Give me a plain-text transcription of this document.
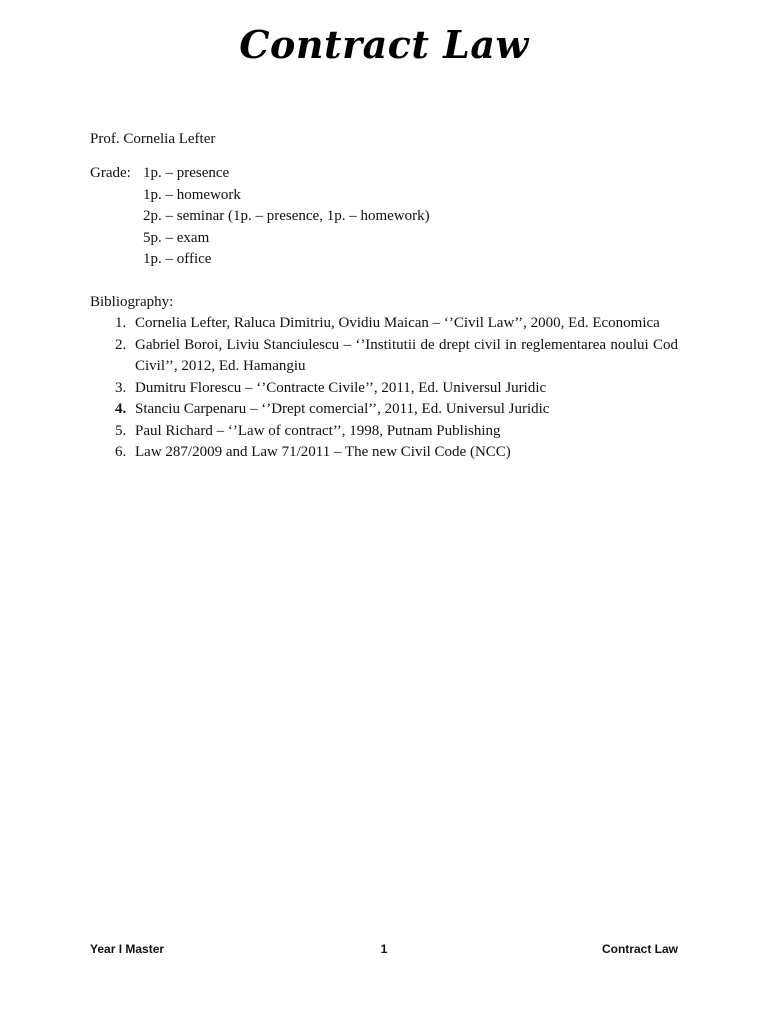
Contract Law
Prof. Cornelia Lefter
Grade: 1p. – presence
1p. – homework
2p. – seminar (1p. – presence, 1p. – homework)
5p. – exam
1p. – office
Bibliography:
1. Cornelia Lefter, Raluca Dimitriu, Ovidiu Maican – ‘’Civil Law’’, 2000, Ed. Economica
2. Gabriel Boroi, Liviu Stanciulescu – ‘’Institutii de drept civil in reglementarea noului Cod Civil’’, 2012, Ed. Hamangiu
3. Dumitru Florescu – ‘’Contracte Civile’’, 2011, Ed. Universul Juridic
4. Stanciu Carpenaru – ‘’Drept comercial’’, 2011, Ed. Universul Juridic
5. Paul Richard – ‘’Law of contract’’, 1998, Putnam Publishing
6. Law 287/2009 and Law 71/2011 – The new Civil Code (NCC)
Year I Master	1	Contract Law
